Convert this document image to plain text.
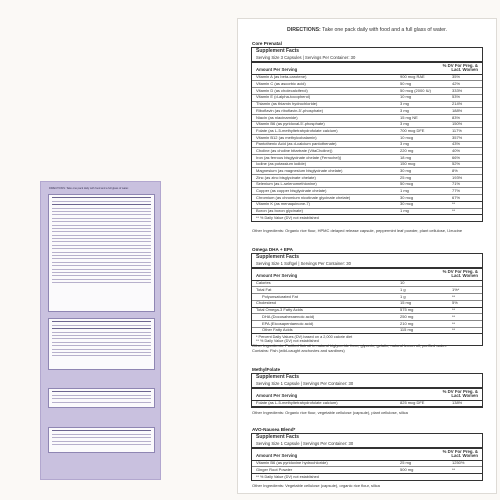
DIRECTIONS: Take one pack daily with food and a full glass of water.
DIRECTIONS: Take one pack daily with food and a full glass of water.
Core Prenatal
Supplement Facts
Serving Size 3 Capsules | Servings Per Container: 30
Amount Per Serving
% DV For Preg. & Lact. Women
Vitamin A (as beta-carotene)	900 mcg RAE	35%
Vitamin C (as ascorbic acid)	50 mg	42%
Vitamin D (as cholecalciferol)	50 mcg (2000 IU)	333%
Vitamin E (d-alpha-tocopherol)	10 mg	53%
Thiamin (as thiamin hydrochloride)	3 mg	214%
Riboflavin (as riboflavin-5'-phosphate)	3 mg	188%
Niacin (as niacinamide)	15 mg NE	83%
Vitamin B6 (as pyridoxal-5'-phosphate)	3 mg	150%
Folate (as L-5-methyltetrahydrofolate calcium)	700 mcg DFE	117%
Vitamin B12 (as methylcobalamin)	10 mcg	357%
Pantothenic Acid (as d-calcium pantothenate)	3 mg	43%
Choline (as choline bitartrate (VitaCholine))	220 mg	40%
Iron (as ferrous bisglycinate chelate (Ferrochel))	18 mg	66%
Iodine (as potassium iodide)	150 mcg	52%
Magnesium (as magnesium bisglycinate chelate)	30 mg	8%
Zinc (as zinc bisglycinate chelate)	25 mg	193%
Selenium (as L-selenomethionine)	50 mcg	71%
Copper (as copper bisglycinate chelate)	1 mg	77%
Chromium (as chromium nicotinate glycinate chelate)	30 mcg	67%
Vitamin K (as menaquinone-7)	30 mcg	**
Boron (as boron glycinate)	1 mg	**
** % Daily Value (DV) not established
Other Ingredients: Organic rice flour, HPMC delayed release capsule, peppermint leaf powder, plant cellulose, l-leucine
Omega DHA + EPA
Supplement Facts
Serving Size 1 Softgel | Servings Per Container: 30
Amount Per Serving
% DV For Preg. & Lact. Women
Calories	10
Total Fat	1 g	1%*
Polyunsaturated Fat	1 g	**
Cholesterol	15 mg	5%
Total Omega-3 Fatty Acids	575 mg	**
DHA (Docosahexaenoic acid)	250 mg	**
EPA (Eicosapentaenoic acid)	210 mg	**
Other Fatty Acids	115 mg	**
* Percent Daily Values (DV) based on a 2,000 calorie diet
** % Daily Value (DV) not established
Other Ingredients: Purified fish oil in natural triglyceride form, glycerin, gelatin, natural lemon oil, purified water.
Contains: Fish (wild-caught anchovies and sardines)
MethylFolate
Supplement Facts
Serving Size 1 Capsule | Servings Per Container: 30
Amount Per Serving
% DV For Preg. & Lact. Women
Folate (as L-5-methyltetrahydrofolate calcium)	825 mcg DFE	138%
Other Ingredients: Organic rice flour, vegetable cellulose (capsule), plant cellulose, silica
AVO-Nausea Blend*
Supplement Facts
Serving Size 1 Capsule | Servings Per Container: 30
Amount Per Serving
% DV For Preg. & Lact. Women
Vitamin B6 (as pyridoxine hydrochloride)	25 mg	1250%
Ginger Root Powder	500 mg	**
** % Daily Value (DV) not established
Other Ingredients: Vegetable cellulose (capsule), organic rice flour, silica
